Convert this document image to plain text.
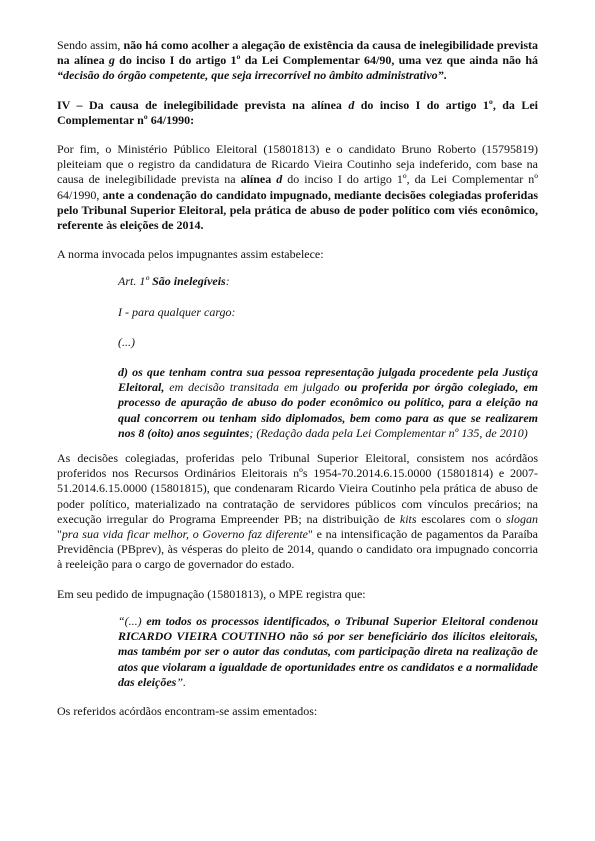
Sendo assim, não há como acolher a alegação de existência da causa de inelegibilidade prevista na alínea g do inciso I do artigo 1º da Lei Complementar 64/90, uma vez que ainda não há “decisão do órgão competente, que seja irrecorrível no âmbito administrativo”.

IV – Da causa de inelegibilidade prevista na alínea d do inciso I do artigo 1º, da Lei Complementar nº 64/1990:

Por fim, o Ministério Público Eleitoral (15801813) e o candidato Bruno Roberto (15795819) pleiteiam que o registro da candidatura de Ricardo Vieira Coutinho seja indeferido, com base na causa de inelegibilidade prevista na alínea d do inciso I do artigo 1º, da Lei Complementar nº 64/1990, ante a condenação do candidato impugnado, mediante decisões colegiadas proferidas pelo Tribunal Superior Eleitoral, pela prática de abuso de poder político com viés econômico, referente às eleições de 2014.

A norma invocada pelos impugnantes assim estabelece:

Art. 1º São inelegíveis:

I - para qualquer cargo:

(...)

d) os que tenham contra sua pessoa representação julgada procedente pela Justiça Eleitoral, em decisão transitada em julgado ou proferida por órgão colegiado, em processo de apuração de abuso do poder econômico ou político, para a eleição na qual concorrem ou tenham sido diplomados, bem como para as que se realizarem nos 8 (oito) anos seguintes; (Redação dada pela Lei Complementar nº 135, de 2010)

As decisões colegiadas, proferidas pelo Tribunal Superior Eleitoral, consistem nos acórdãos proferidos nos Recursos Ordinários Eleitorais nºs 1954-70.2014.6.15.0000 (15801814) e 2007-51.2014.6.15.0000 (15801815), que condenaram Ricardo Vieira Coutinho pela prática de abuso de poder político, materializado na contratação de servidores públicos com vínculos precários; na execução irregular do Programa Empreender PB; na distribuição de kits escolares com o slogan "pra sua vida ficar melhor, o Governo faz diferente" e na intensificação de pagamentos da Paraíba Previdência (PBprev), às vésperas do pleito de 2014, quando o candidato ora impugnado concorria à reeleição para o cargo de governador do estado.

Em seu pedido de impugnação (15801813), o MPE registra que:

“(...) em todos os processos identificados, o Tribunal Superior Eleitoral condenou RICARDO VIEIRA COUTINHO não só por ser beneficiário dos ilícitos eleitorais, mas também por ser o autor das condutas, com participação direta na realização de atos que violaram a igualdade de oportunidades entre os candidatos e a normalidade das eleições”.

Os referidos acórdãos encontram-se assim ementados:
